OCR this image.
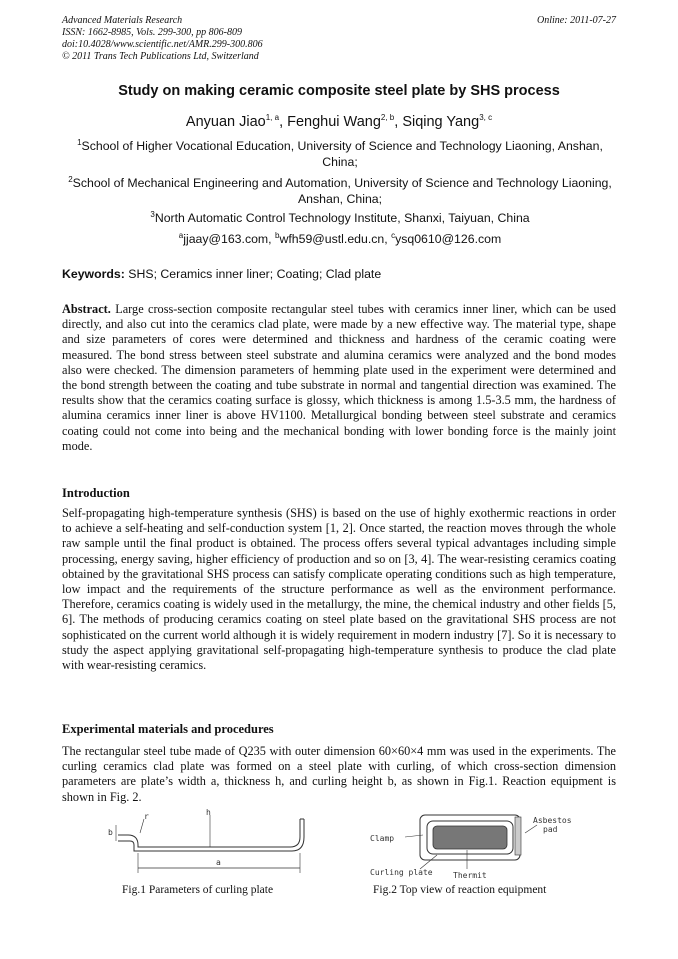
Advanced Materials Research
ISSN: 1662-8985, Vols. 299-300, pp 806-809
doi:10.4028/www.scientific.net/AMR.299-300.806
© 2011 Trans Tech Publications Ltd, Switzerland
Online: 2011-07-27
Study on making ceramic composite steel plate by SHS process
Anyuan Jiao$^{1, a}$, Fenghui Wang$^{2, b}$, Siqing Yang$^{3, c}$
$^1$School of Higher Vocational Education, University of Science and Technology Liaoning, Anshan, China;
$^2$School of Mechanical Engineering and Automation, University of Science and Technology Liaoning, Anshan, China;
$^3$North Automatic Control Technology Institute, Shanxi, Taiyuan, China
$^a$jjaay@163.com, $^b$wfh59@ustl.edu.cn, $^c$ysq0610@126.com
Keywords: SHS; Ceramics inner liner; Coating; Clad plate
Abstract. Large cross-section composite rectangular steel tubes with ceramics inner liner, which can be used directly, and also cut into the ceramics clad plate, were made by a new effective way. The material type, shape and size parameters of cores were determined and thickness and hardness of the ceramic coating were measured. The bond stress between steel substrate and alumina ceramics were analyzed and the bond modes also were checked. The dimension parameters of hemming plate used in the experiment were determined and the bond strength between the coating and tube substrate in normal and tangential direction was examined. The results show that the ceramics coating surface is glossy, which thickness is among 1.5-3.5 mm, the hardness of alumina ceramics inner liner is above HV1100. Metallurgical bonding between steel substrate and ceramics coating could not come into being and the mechanical bonding with lower bonding force is the mainly joint mode.
Introduction
Self-propagating high-temperature synthesis (SHS) is based on the use of highly exothermic reactions in order to achieve a self-heating and self-conduction system [1, 2]. Once started, the reaction moves through the whole raw sample until the final product is obtained. The process offers several typical advantages including simple processing, energy saving, higher efficiency of production and so on [3, 4]. The wear-resisting ceramics coating obtained by the gravitational SHS process can satisfy complicate operating conditions such as high temperature, low impact and the requirements of the structure performance as well as the environment performance. Therefore, ceramics coating is widely used in the metallurgy, the mine, the chemical industry and other fields [5, 6]. The methods of producing ceramics coating on steel plate based on the gravitational SHS process are not sophisticated on the current world although it is widely requirement in modern industry [7]. So it is necessary to study the aspect applying gravitational self-propagating high-temperature synthesis to produce the clad plate with wear-resisting ceramics.
Experimental materials and procedures
The rectangular steel tube made of Q235 with outer dimension 60×60×4 mm was used in the experiments. The curling ceramics clad plate was formed on a steel plate with curling, of which cross-section dimension parameters are plate’s width a, thickness h, and curling height b, as shown in Fig.1. Reaction equipment is shown in Fig. 2.
b
r	h
a
Fig.1 Parameters of curling plate
Clamp
Asbestos
pad
Curling plate	Thermit
Fig.2 Top view of reaction equipment
